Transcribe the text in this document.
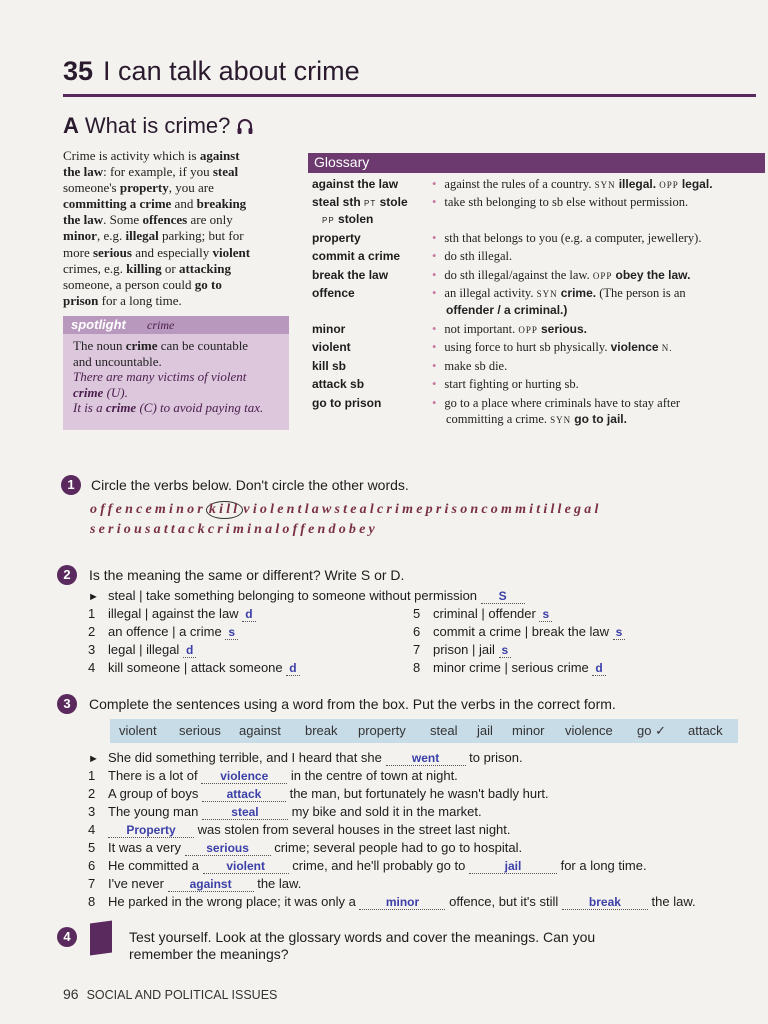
35 I can talk about crime
A What is crime?
Crime is activity which is against
the law: for example, if you steal
someone's property, you are
committing a crime and breaking
the law. Some offences are only
minor, e.g. illegal parking; but for
more serious and especially violent
crimes, e.g. killing or attacking
someone, a person could go to
prison for a long time.
spotlight crime
The noun crime can be countable
and uncountable.
There are many victims of violent
crime (U).
It is a crime (C) to avoid paying tax.
Glossary
against the law	• against the rules of a country. SYN illegal. OPP legal.
steal sth PT stole • take sth belonging to sb else without permission.
PP stolen
property	• sth that belongs to you (e.g. a computer, jewellery).
commit a crime	• do sth illegal.
break the law	• do sth illegal/against the law. OPP obey the law.
offence	• an illegal activity. SYN crime. (The person is an
offender / a criminal.)
minor	• not important. OPP serious.
violent	• using force to hurt sb physically. violence N.
kill sb	• make sb die.
attack sb	• start fighting or hurting sb.
go to prison	• go to a place where criminals have to stay after
committing a crime. SYN go to jail.
1	Circle the verbs below. Don't circle the other words.
offenceminor kill violentlawstealcrimeprisoncommitillegal
seriousattackcriminaloffendobey
2	Is the meaning the same or different? Write S or D.
► steal | take something belonging to someone without permission S
1 illegal | against the law d
2 an offence | a crime s
3 legal | illegal d
4 kill someone | attack someone d
5 criminal | offender s
6 commit a crime | break the law s
7 prison | jail s
8 minor crime | serious crime d
3	Complete the sentences using a word from the box. Put the verbs in the correct form.
violent serious against break property steal jail minor violence go ✓ attack
► She did something terrible, and I heard that she went to prison.
1 There is a lot of violence in the centre of town at night.
2 A group of boys attack the man, but fortunately he wasn't badly hurt.
3 The young man	steal	my bike and sold it in the market.
4	Property was stolen from several houses in the street last night.
5 It was a very serious crime; several people had to go to hospital.
6 He committed a violent crime, and he'll probably go to	jail	for a long time.
7 I've never against the law.
8 He parked in the wrong place; it was only a minor offence, but it's still	break the law.
4	Test yourself. Look at the glossary words and cover the meanings. Can you
remember the meanings?
96 SOCIAL AND POLITICAL ISSUES
